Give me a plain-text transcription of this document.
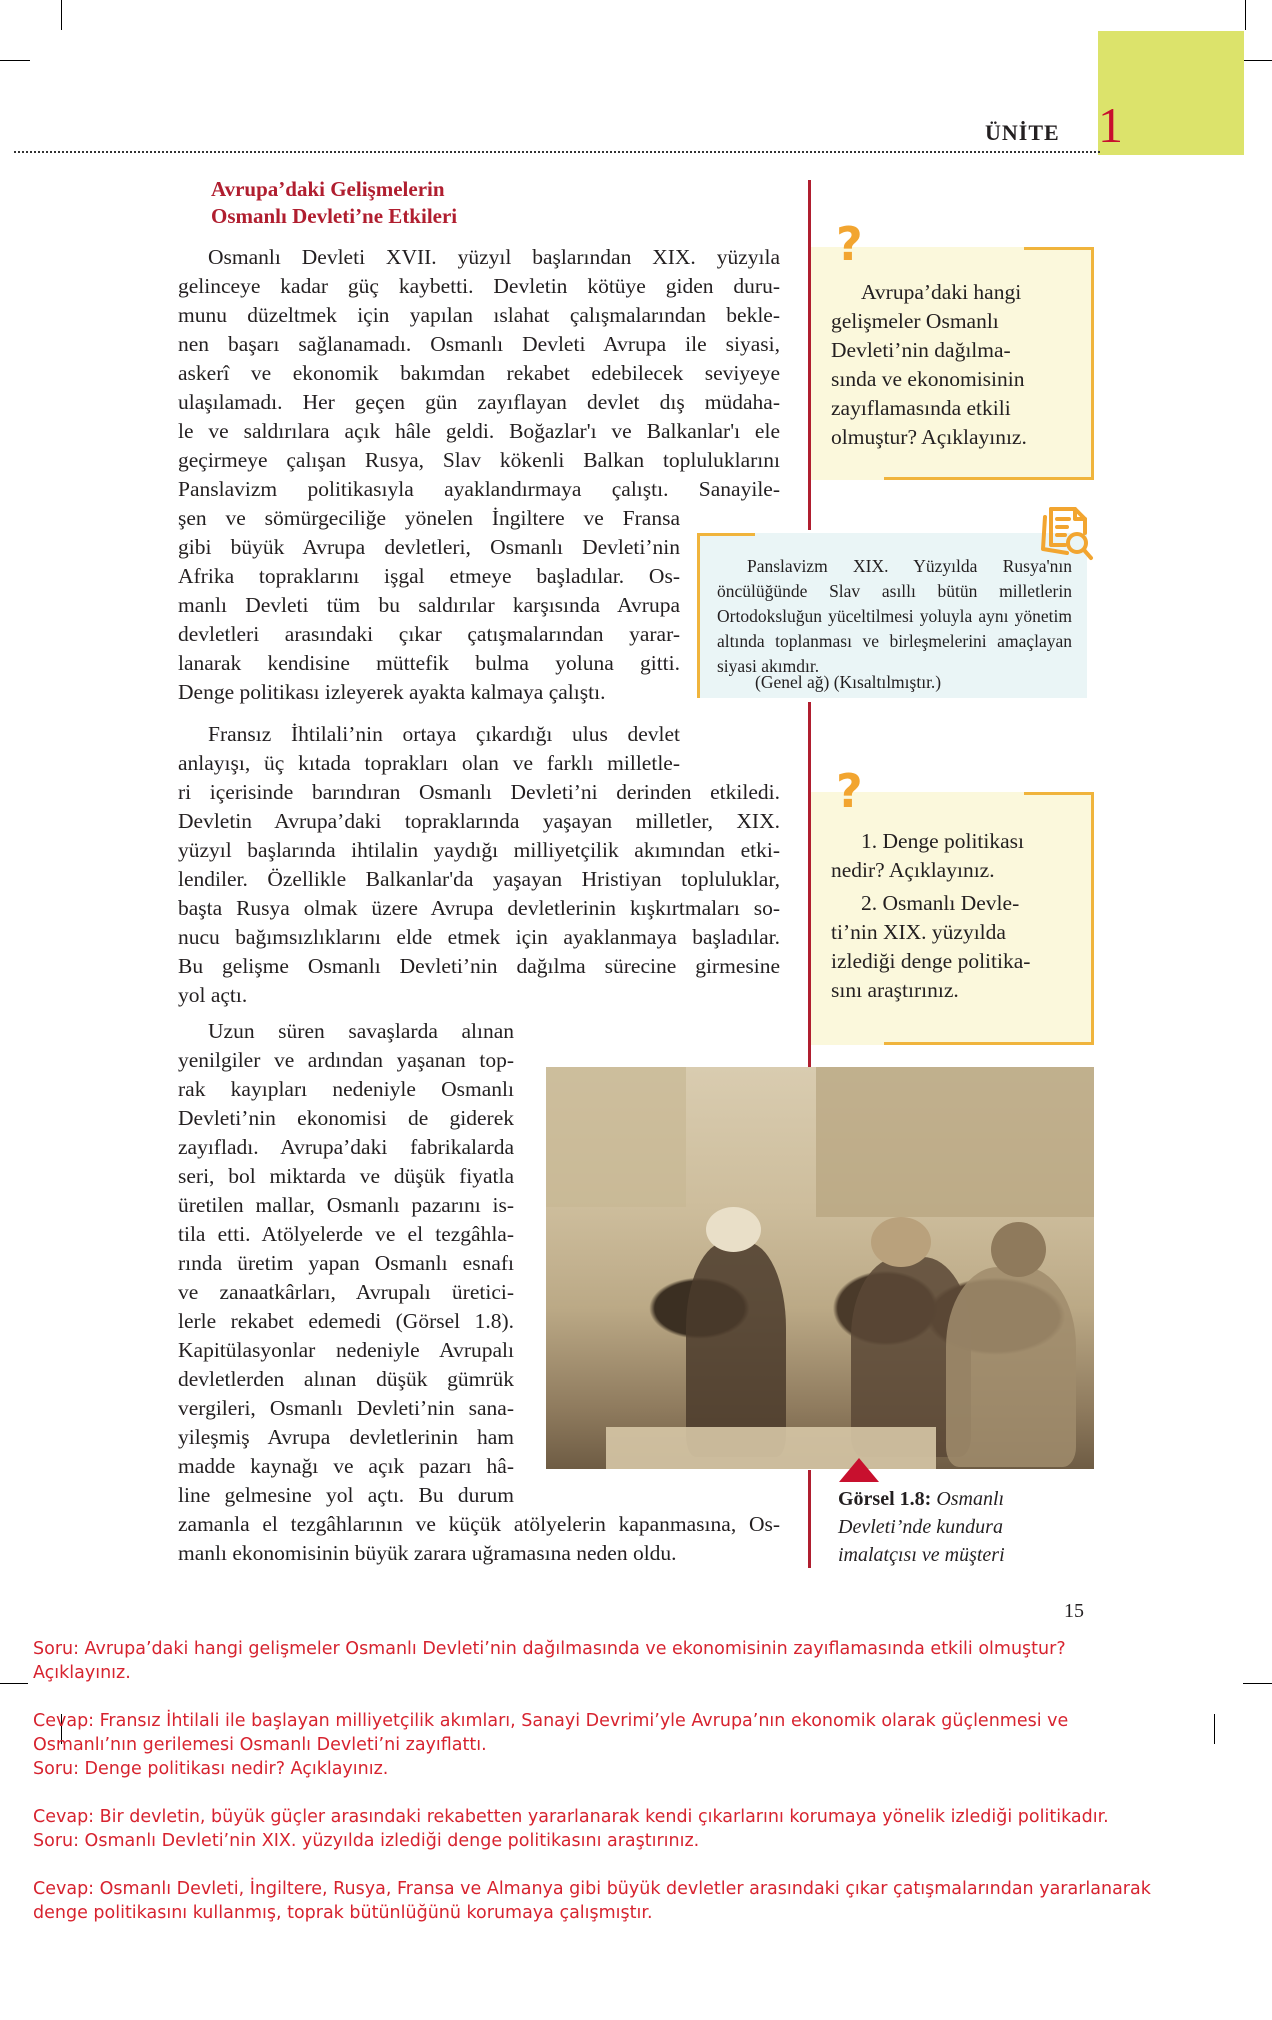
ÜNİTE 1
Avrupa’daki Gelişmelerin
Osmanlı Devleti’ne Etkileri
Osmanlı Devleti XVII. yüzyıl başlarından XIX. yüzyıla
gelinceye kadar güç kaybetti. Devletin kötüye giden duru-
munu düzeltmek için yapılan ıslahat çalışmalarından bekle-
nen başarı sağlanamadı. Osmanlı Devleti Avrupa ile siyasi,
askerî ve ekonomik bakımdan rekabet edebilecek seviyeye
ulaşılamadı. Her geçen gün zayıflayan devlet dış müdaha-
le ve saldırılara açık hâle geldi. Boğazlar'ı ve Balkanlar'ı ele
geçirmeye çalışan Rusya, Slav kökenli Balkan topluluklarını
Panslavizm politikasıyla ayaklandırmaya çalıştı. Sanayile-
şen ve sömürgeciliğe yönelen İngiltere ve Fransa
gibi büyük Avrupa devletleri, Osmanlı Devleti’nin
Afrika topraklarını işgal etmeye başladılar. Os-
manlı Devleti tüm bu saldırılar karşısında Avrupa
devletleri arasındaki çıkar çatışmalarından yarar-
lanarak kendisine müttefik bulma yoluna gitti.
Denge politikası izleyerek ayakta kalmaya çalıştı.
Fransız İhtilali’nin ortaya çıkardığı ulus devlet
anlayışı, üç kıtada toprakları olan ve farklı milletle-
ri içerisinde barındıran Osmanlı Devleti’ni derinden etkiledi.
Devletin Avrupa’daki topraklarında yaşayan milletler, XIX.
yüzyıl başlarında ihtilalin yaydığı milliyetçilik akımından etki-
lendiler. Özellikle Balkanlar'da yaşayan Hristiyan topluluklar,
başta Rusya olmak üzere Avrupa devletlerinin kışkırtmaları so-
nucu bağımsızlıklarını elde etmek için ayaklanmaya başladılar.
Bu gelişme Osmanlı Devleti’nin dağılma sürecine girmesine
yol açtı.
Uzun süren savaşlarda alınan
yenilgiler ve ardından yaşanan top-
rak kayıpları nedeniyle Osmanlı
Devleti’nin ekonomisi de giderek
zayıfladı. Avrupa’daki fabrikalarda
seri, bol miktarda ve düşük fiyatla
üretilen mallar, Osmanlı pazarını is-
tila etti. Atölyelerde ve el tezgâhla-
rında üretim yapan Osmanlı esnafı
ve zanaatkârları, Avrupalı üretici-
lerle rekabet edemedi (Görsel 1.8).
Kapitülasyonlar nedeniyle Avrupalı
devletlerden alınan düşük gümrük
vergileri, Osmanlı Devleti’nin sana-
yileşmiş Avrupa devletlerinin ham
madde kaynağı ve açık pazarı hâ-
line gelmesine yol açtı. Bu durum
zamanla el tezgâhlarının ve küçük atölyelerin kapanmasına, Os-
manlı ekonomisinin büyük zarara uğramasına neden oldu.
?
Avrupa’daki hangi
gelişmeler Osmanlı
Devleti’nin dağılma-
sında ve ekonomisinin
zayıflamasında etkili
olmuştur? Açıklayınız.
Panslavizm XIX. Yüzyılda Rusya'nın öncülüğünde Slav asıllı bütün milletlerin Ortodoksluğun yüceltilmesi yoluyla aynı yönetim altında toplanması ve birleşmelerini amaçlayan siyasi akımdır.
(Genel ağ) (Kısaltılmıştır.)
?
1. Denge politikası
nedir? Açıklayınız.
2. Osmanlı Devle-
ti’nin XIX. yüzyılda
izlediği denge politika-
sını araştırınız.
Görsel 1.8: Osmanlı
Devleti’nde kundura
imalatçısı ve müşteri
15
Soru: Avrupa’daki hangi gelişmeler Osmanlı Devleti’nin dağılmasında ve ekonomisinin zayıflamasında etkili olmuştur?
Açıklayınız.
Cevap: Fransız İhtilali ile başlayan milliyetçilik akımları, Sanayi Devrimi’yle Avrupa’nın ekonomik olarak güçlenmesi ve
Osmanlı’nın gerilemesi Osmanlı Devleti’ni zayıflattı.
Soru: Denge politikası nedir? Açıklayınız.
Cevap: Bir devletin, büyük güçler arasındaki rekabetten yararlanarak kendi çıkarlarını korumaya yönelik izlediği politikadır.
Soru: Osmanlı Devleti’nin XIX. yüzyılda izlediği denge politikasını araştırınız.
Cevap: Osmanlı Devleti, İngiltere, Rusya, Fransa ve Almanya gibi büyük devletler arasındaki çıkar çatışmalarından yararlanarak
denge politikasını kullanmış, toprak bütünlüğünü korumaya çalışmıştır.
